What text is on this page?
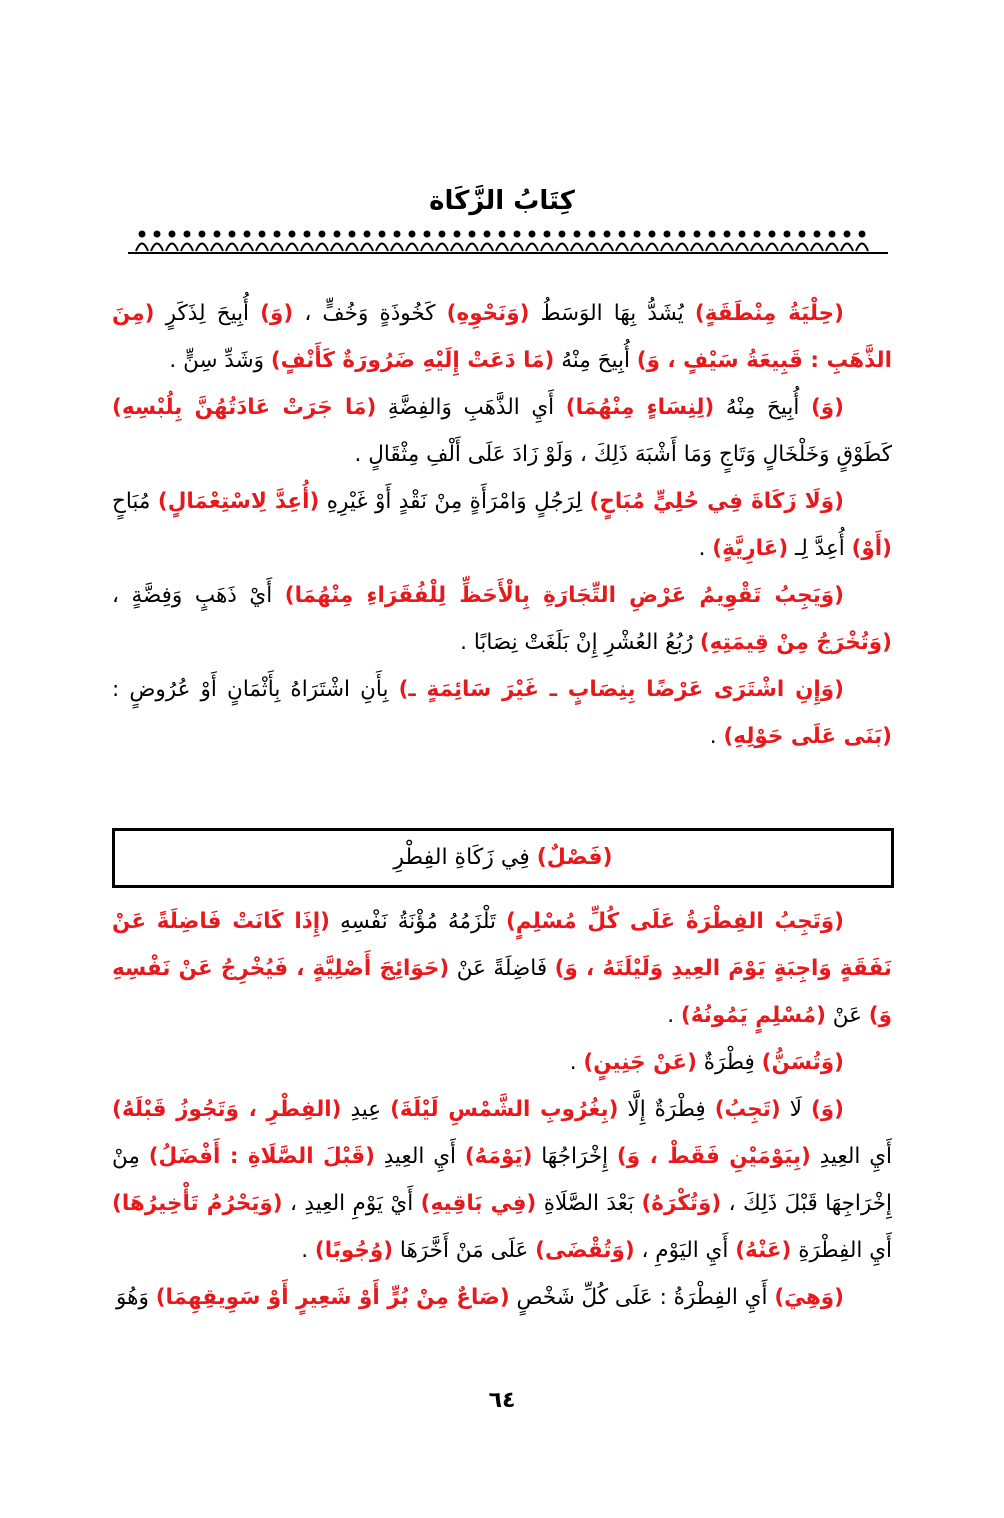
كِتَابُ الزَّكَاة

(حِلْيَةُ مِنْطَقَةٍ) يُشَدُّ بِهَا الوَسَطُ (وَنَحْوِهِ) كَخُوذَةٍ وَخُفٍّ ، (وَ) أُبِيحَ لِذَكَرٍ (مِنَ الذَّهَبِ : قَبِيعَةُ سَيْفٍ ، وَ) أُبِيحَ مِنْهُ (مَا دَعَتْ إِلَيْهِ ضَرُورَةٌ كَأَنْفٍ) وَشَدِّ سِنٍّ .

(وَ) أُبِيحَ مِنْهُ (لِنِسَاءٍ مِنْهُمَا) أَيِ الذَّهَبِ وَالفِضَّةِ (مَا جَرَتْ عَادَتُهُنَّ بِلُبْسِهِ) كَطَوْقٍ وَخَلْخَالٍ وَتَاجٍ وَمَا أَشْبَهَ ذَلِكَ ، وَلَوْ زَادَ عَلَى أَلْفِ مِثْقَالٍ .

(وَلَا زَكَاةَ فِي حُلِيٍّ مُبَاحٍ) لِرَجُلٍ وَامْرَأَةٍ مِنْ نَقْدٍ أَوْ غَيْرِهِ (أُعِدَّ لِاسْتِعْمَالٍ) مُبَاحٍ (أَوْ) أُعِدَّ لِـ (عَارِيَّةٍ) .

(وَيَجِبُ تَقْوِيمُ عَرْضِ التِّجَارَةِ بِالْأَحَظِّ لِلْفُقَرَاءِ مِنْهُمَا) أَيْ ذَهَبٍ وَفِضَّةٍ ، (وَتُخْرَجُ مِنْ قِيمَتِهِ) رُبُعُ العُشْرِ إِنْ بَلَغَتْ نِصَابًا .

(وَإِنِ اشْتَرَى عَرْضًا بِنِصَابٍ ـ غَيْرَ سَائِمَةٍ ـ) بِأَنِ اشْتَرَاهُ بِأَثْمَانٍ أَوْ عُرُوضٍ : (بَنَى عَلَى حَوْلِهِ) .

(فَصْلٌ) فِي زَكَاةِ الفِطْرِ

(وَتَجِبُ الفِطْرَةُ عَلَى كُلِّ مُسْلِمٍ) تَلْزَمُهُ مُؤْنَةُ نَفْسِهِ (إِذَا كَانَتْ فَاضِلَةً عَنْ نَفَقَةٍ وَاجِبَةٍ يَوْمَ العِيدِ وَلَيْلَتَهُ ، وَ) فَاضِلَةً عَنْ (حَوَائِجَ أَصْلِيَّةٍ ، فَيُخْرِجُ عَنْ نَفْسِهِ وَ) عَنْ (مُسْلِمٍ يَمُونُهُ) .

(وَتُسَنُّ) فِطْرَةٌ (عَنْ جَنِينٍ) .

(وَ) لَا (تَجِبُ) فِطْرَةٌ إِلَّا (بِغُرُوبِ الشَّمْسِ لَيْلَةَ) عِيدِ (الفِطْرِ ، وَتَجُوزُ قَبْلَهُ) أَيِ العِيدِ (بِيَوْمَيْنِ فَقَطْ ، وَ) إِخْرَاجُهَا (يَوْمَهُ) أَيِ العِيدِ (قَبْلَ الصَّلَاةِ : أَفْضَلُ) مِنْ إِخْرَاجِهَا قَبْلَ ذَلِكَ ، (وَتُكْرَهُ) بَعْدَ الصَّلَاةِ (فِي بَاقِيهِ) أَيْ يَوْمِ العِيدِ ، (وَيَحْرُمُ تَأْخِيرُهَا) أَيِ الفِطْرَةِ (عَنْهُ) أَيِ اليَوْمِ ، (وَتُقْضَى) عَلَى مَنْ أَخَّرَهَا (وُجُوبًا) .

(وَهِيَ) أَيِ الفِطْرَةُ : عَلَى كُلِّ شَخْصٍ (صَاعٌ مِنْ بُرٍّ أَوْ شَعِيرٍ أَوْ سَوِيقِهِمَا) وَهُوَ

٦٤
